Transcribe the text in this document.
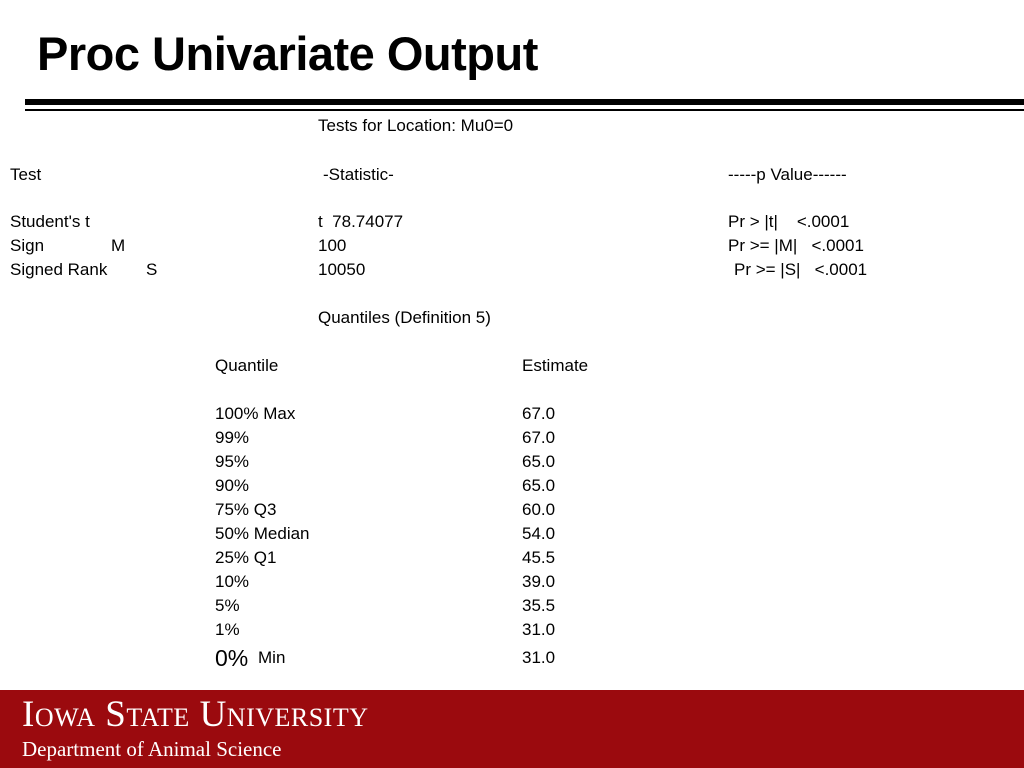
Proc Univariate Output
Tests for Location: Mu0=0
Test	-Statistic-	-----p Value------
Student's t	t  78.74077	Pr > |t|    <.0001
Sign	M	100	Pr >= |M|   <.0001
Signed Rank S	10050	Pr >= |S|   <.0001
Quantiles (Definition 5)
Quantile	Estimate
100% Max	67.0
99%	67.0
95%	65.0
90%	65.0
75% Q3	60.0
50% Median	54.0
25% Q1	45.5
10%	39.0
5%	35.5
1%	31.0
0% Min	31.0
Iowa State University
Department of Animal Science
